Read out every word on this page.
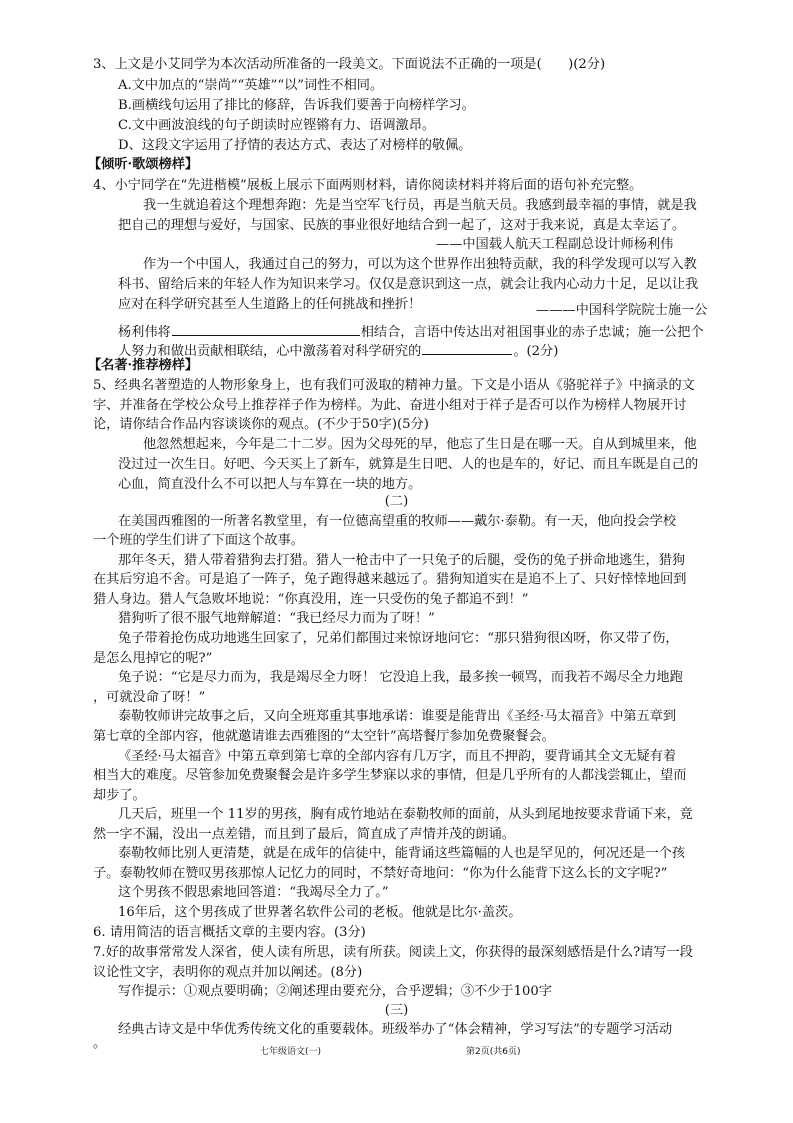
3、上文是小艾同学为本次活动所准备的一段美文。下面说法不正确的一项是(　　)(2分)
A.文中加点的“崇尚”“英雄”“以”词性不相同。
B.画横线句运用了排比的修辞，告诉我们要善于向榜样学习。
C.文中画波浪线的句子朗读时应铿锵有力、语调激昂。
D、这段文字运用了抒情的表达方式、表达了对榜样的敬佩。
【倾听·歌颂榜样】
4、小宁同学在“先进楷模”展板上展示下面两则材料，请你阅读材料并将后面的语句补充完整。
我一生就追着这个理想奔跑：先是当空军飞行员，再是当航天员。我感到最幸福的事情，就是我
把自己的理想与爱好，与国家、民族的事业很好地结合到一起了，这对于我来说，真是太幸运了。
——中国载人航天工程副总设计师杨利伟
作为一个中国人，我通过自己的努力，可以为这个世界作出独特贡献，我的科学发现可以写入教
科书、留给后来的年轻人作为知识来学习。仅仅是意识到这一点，就会让我内心动力十足，足以让我
应对在科学研究甚至人生道路上的任何挑战和挫折！	———中国科学院院士施一公
杨利伟将	相结合，言语中传达出对祖国事业的赤子忠诚；施一公把个
人努力和做出贡献相联结，心中激荡着对科学研究的	。(2分)
【名著·推荐榜样】
5、经典名著塑造的人物形象身上，也有我们可汲取的精神力量。下文是小语从《骆驼祥子》中摘录的文
字、并准备在学校公众号上推荐祥子作为榜样。为此、奋进小组对于祥子是否可以作为榜样人物展开讨
论，请你结合作品内容谈谈你的观点。(不少于50字)(5分)
他忽然想起来，今年是二十二岁。因为父母死的早，他忘了生日是在哪一天。自从到城里来，他
没过过一次生日。好吧、今天买上了新车，就算是生日吧、人的也是车的，好记、而且车既是自己的
心血，简直没什么不可以把人与车算在一块的地方。
(二)
在美国西雅图的一所著名教堂里，有一位德高望重的牧师——戴尔·泰勒。有一天，他向投会学校
一个班的学生们讲了下面这个故事。
那年冬天，猎人带着猎狗去打猎。猎人一枪击中了一只兔子的后腿，受伤的兔子拼命地逃生，猎狗
在其后穷追不舍。可是追了一阵子，兔子跑得越来越远了。猎狗知道实在是追不上了、只好悻悻地回到
猎人身边。猎人气急败坏地说：“你真没用，连一只受伤的兔子都追不到！”
猎狗听了很不服气地辩解道：“我已经尽力而为了呀！”
兔子带着抢伤成功地逃生回家了，兄弟们都围过来惊讶地问它：“那只猎狗很凶呀，你又带了伤，
是怎么甩掉它的呢?”
兔子说：“它是尽力而为，我是竭尽全力呀！ 它没追上我，最多挨一顿骂，而我若不竭尽全力地跑
，可就没命了呀！”
泰勒牧师讲完故事之后，又向全班郑重其事地承诺：谁要是能背出《圣经·马太福音》中第五章到
第七章的全部内容，他就邀请谁去西雅图的“太空针”高塔餐厅参加免费聚餐会。
《圣经·马太福音》中第五章到第七章的全部内容有几万字，而且不押韵，要背诵其全文无疑有着
相当大的难度。尽管参加免费聚餐会是许多学生梦寐以求的事情，但是几乎所有的人都浅尝辄止，望而
却步了。
几天后，班里一个 11岁的男孩，胸有成竹地站在泰勒牧师的面前，从头到尾地按要求背诵下来，竟
然一字不漏，没出一点差错，而且到了最后，简直成了声情并茂的朗诵。
泰勒牧师比别人更清楚，就是在成年的信徒中，能背诵这些篇幅的人也是罕见的，何况还是一个孩
子。泰勒牧师在赞叹男孩那惊人记忆力的同时，不禁好奇地问：“你为什么能背下这么长的文字呢?”
这个男孩不假思索地回答道：“我竭尽全力了。”
16年后，这个男孩成了世界著名软件公司的老板。他就是比尔·盖茨。
6. 请用简洁的语言概括文章的主要内容。(3分)
7.好的故事常常发人深省，使人读有所思，读有所获。阅读上文，你获得的最深刻感悟是什么?请写一段
议论性文字，表明你的观点并加以阐述。(8分)
写作提示：①观点要明确；②阐述理由要充分，合乎逻辑；③不少于100字
(三)
经典古诗文是中华优秀传统文化的重要载体。班级举办了“体会精神，学习写法”的专题学习活动
。
七年级语文(一)	第2页(共6页)
